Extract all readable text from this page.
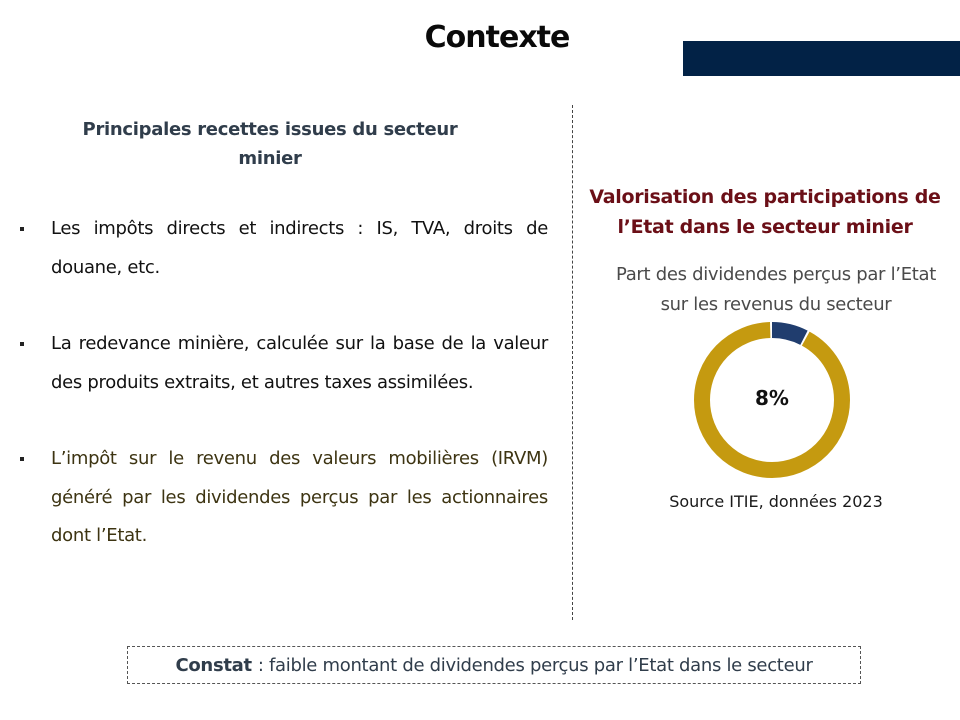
Contexte
Principales recettes issues du secteur minier
Les impôts directs et indirects : IS, TVA, droits de douane, etc.
La redevance minière, calculée sur la base de la valeur des produits extraits, et autres taxes assimilées.
L’impôt sur le revenu des valeurs mobilières (IRVM) généré par les dividendes perçus par les actionnaires dont l’Etat.
Valorisation des participations de l’Etat dans le secteur minier
Part des dividendes perçus par l’Etat sur les revenus du secteur
8%
Source ITIE, données 2023
Constat : faible montant de dividendes perçus par l’Etat dans le secteur
